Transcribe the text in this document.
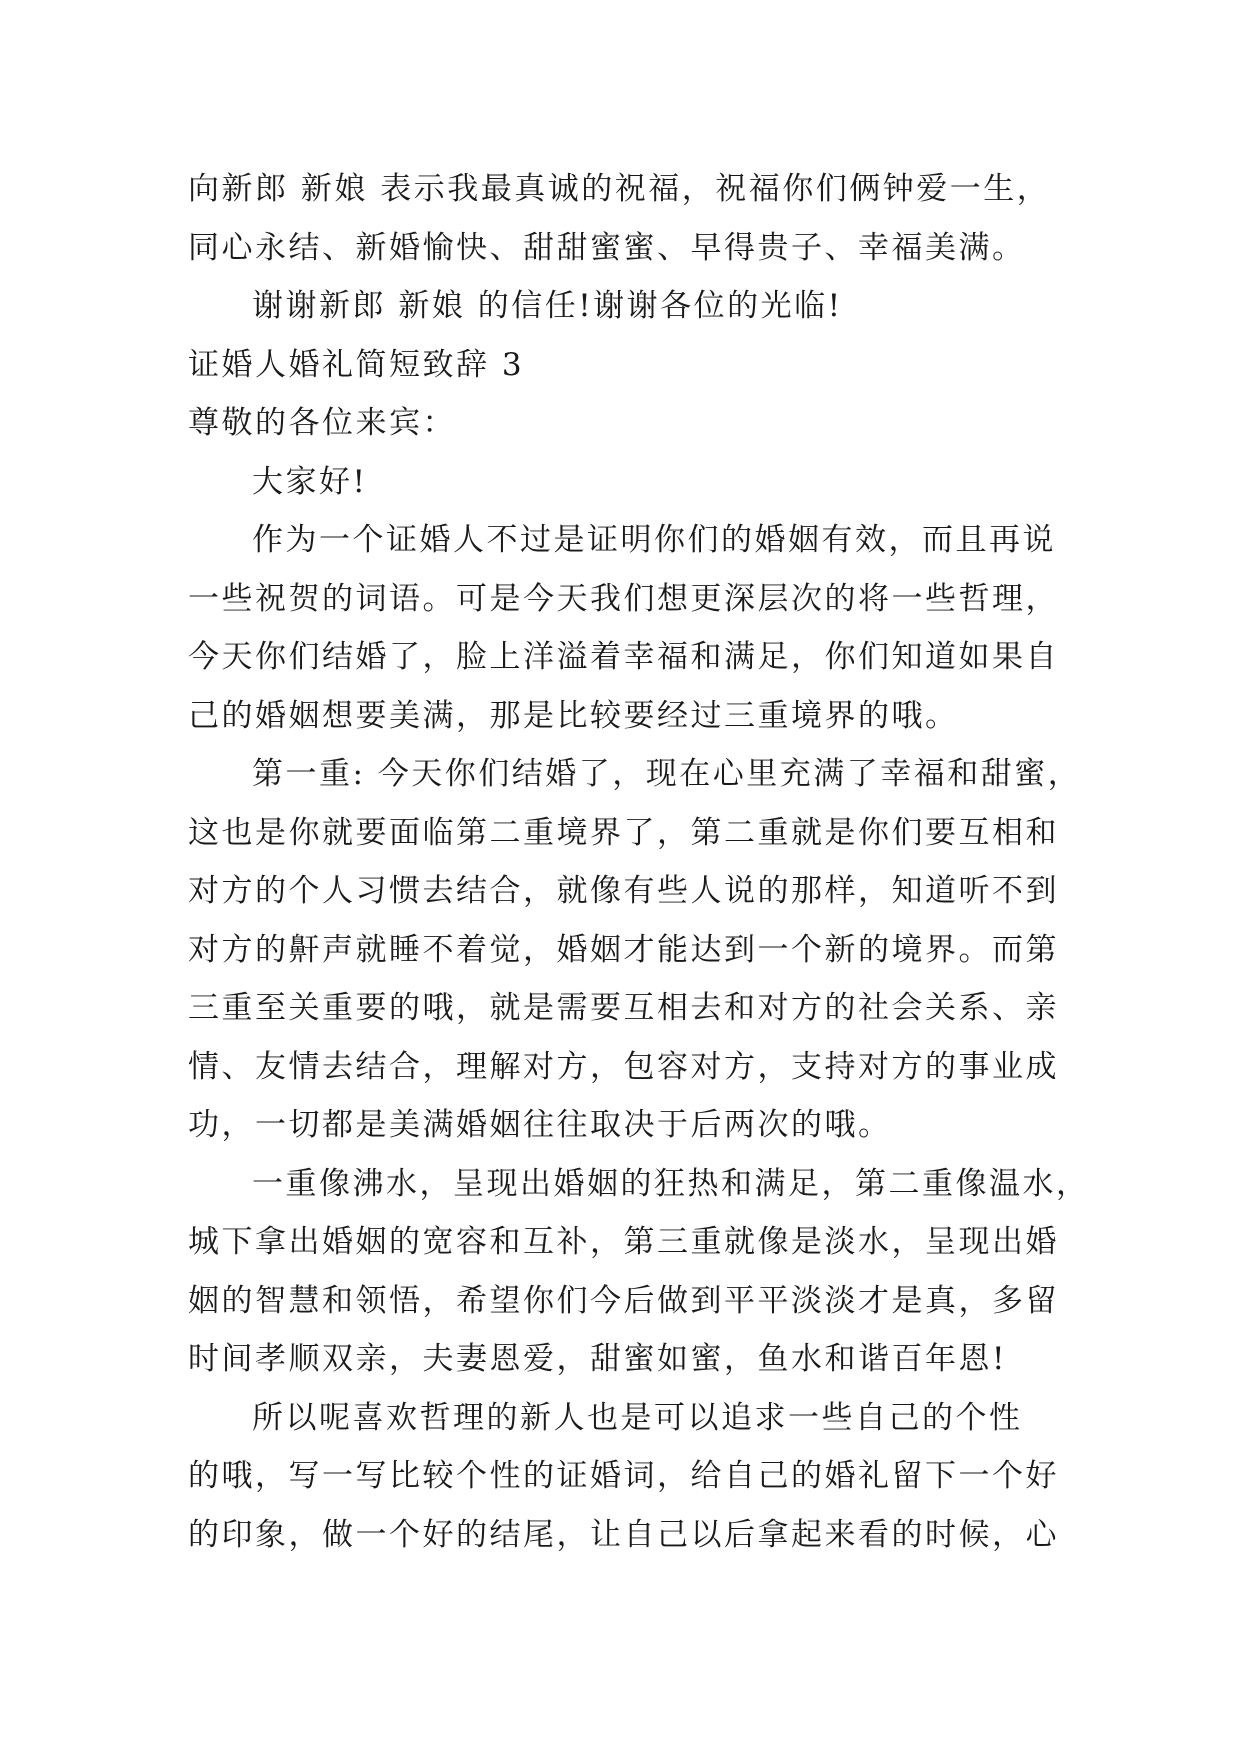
向新郎 新娘 表示我最真诚的祝福，祝福你们俩钟爱一生，
同心永结、新婚愉快、甜甜蜜蜜、早得贵子、幸福美满。
谢谢新郎 新娘 的信任!谢谢各位的光临!
证婚人婚礼简短致辞 3
尊敬的各位来宾：
大家好!
作为一个证婚人不过是证明你们的婚姻有效，而且再说
一些祝贺的词语。可是今天我们想更深层次的将一些哲理，
今天你们结婚了，脸上洋溢着幸福和满足，你们知道如果自
己的婚姻想要美满，那是比较要经过三重境界的哦。
第一重: 今天你们结婚了，现在心里充满了幸福和甜蜜，
这也是你就要面临第二重境界了，第二重就是你们要互相和
对方的个人习惯去结合，就像有些人说的那样，知道听不到
对方的鼾声就睡不着觉，婚姻才能达到一个新的境界。而第
三重至关重要的哦，就是需要互相去和对方的社会关系、亲
情、友情去结合，理解对方，包容对方，支持对方的事业成
功，一切都是美满婚姻往往取决于后两次的哦。
一重像沸水，呈现出婚姻的狂热和满足，第二重像温水，
城下拿出婚姻的宽容和互补，第三重就像是淡水，呈现出婚
姻的智慧和领悟，希望你们今后做到平平淡淡才是真，多留
时间孝顺双亲，夫妻恩爱，甜蜜如蜜，鱼水和谐百年恩!
所以呢喜欢哲理的新人也是可以追求一些自己的个性
的哦，写一写比较个性的证婚词，给自己的婚礼留下一个好
的印象，做一个好的结尾，让自己以后拿起来看的时候，心
